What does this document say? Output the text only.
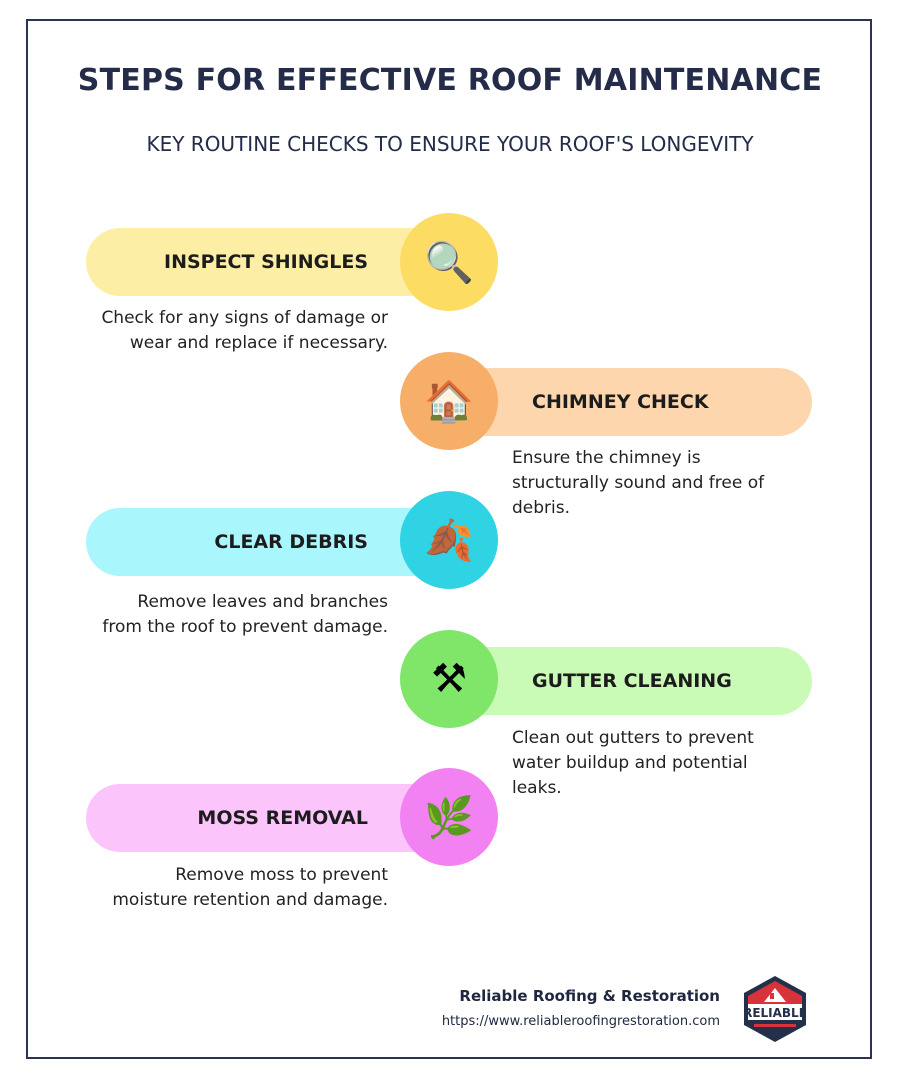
STEPS FOR EFFECTIVE ROOF MAINTENANCE
KEY ROUTINE CHECKS TO ENSURE YOUR ROOF'S LONGEVITY
INSPECT SHINGLES 🔍
Check for any signs of damage or wear and replace if necessary.
CHIMNEY CHECK
🏠
Ensure the chimney is structurally sound and free of debris.
CLEAR DEBRIS 🍂
Remove leaves and branches from the roof to prevent damage.
GUTTER CLEANING
⚒
Clean out gutters to prevent water buildup and potential leaks.
MOSS REMOVAL 🌿
Remove moss to prevent moisture retention and damage.
Reliable Roofing & Restoration
https://www.reliableroofingrestoration.com
RELIABLE
